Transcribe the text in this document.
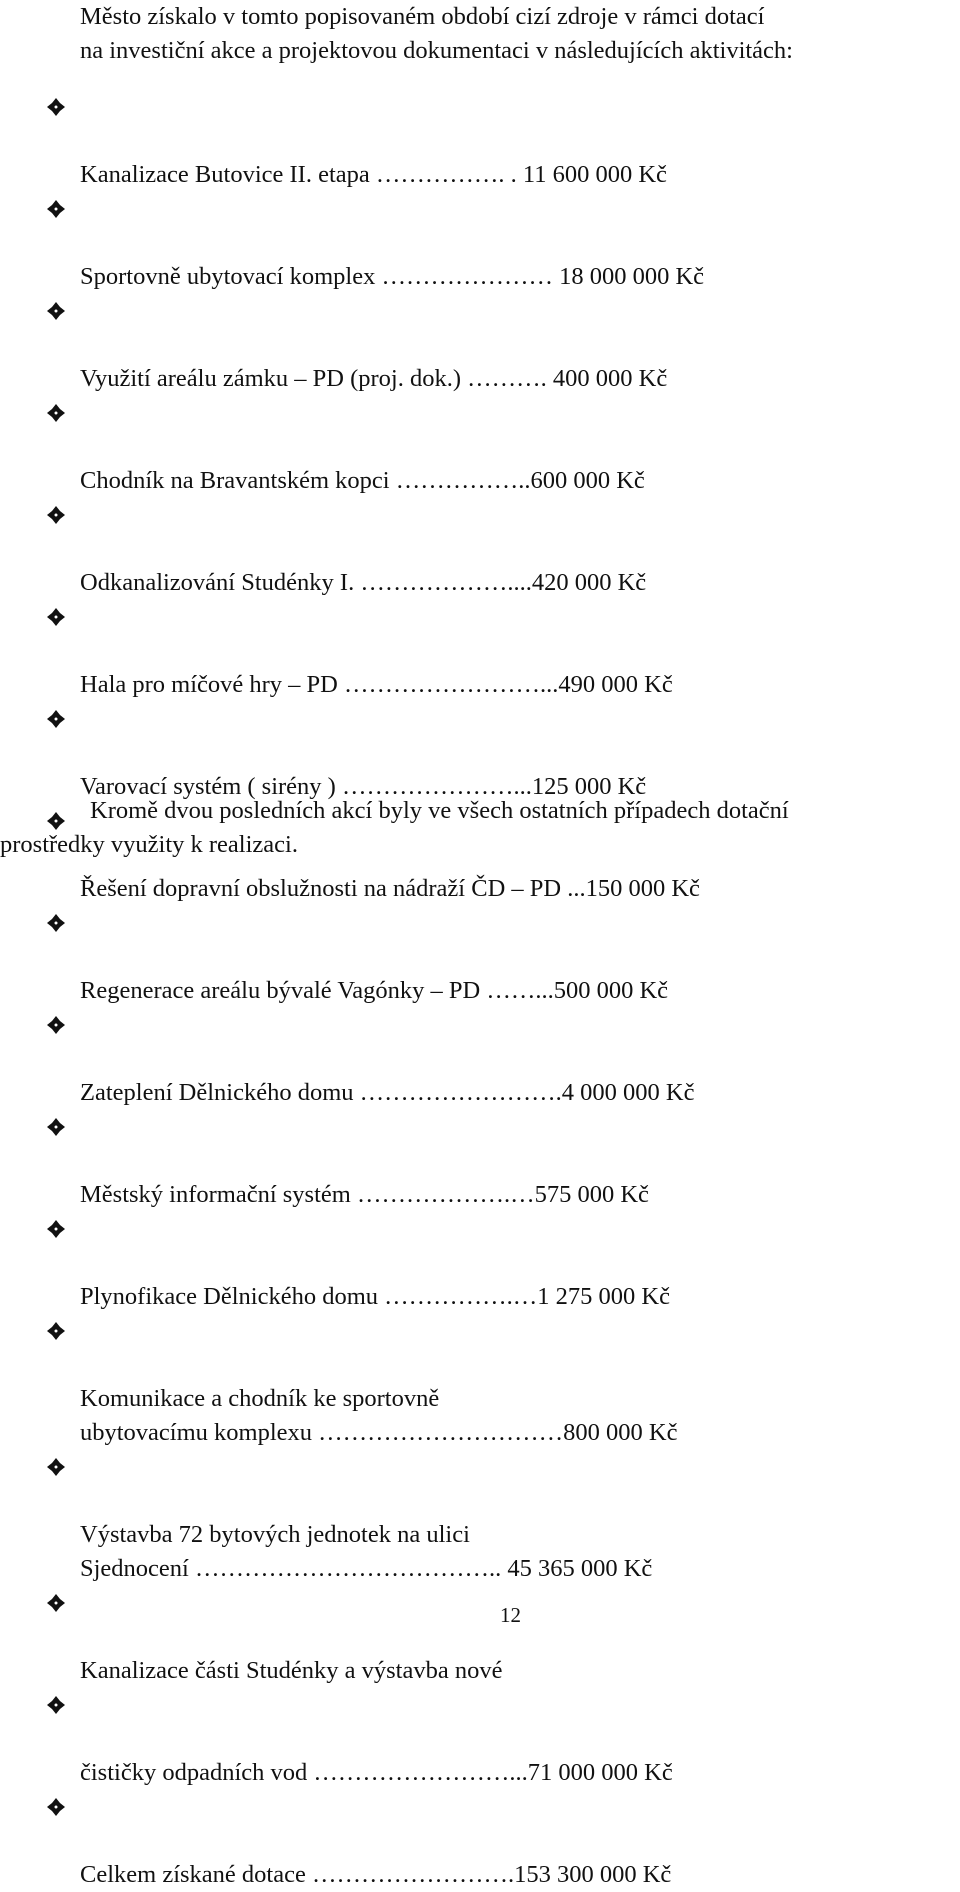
Město získalo v tomto popisovaném období cizí zdroje v rámci dotací
na investiční akce a projektovou dokumentaci v následujících aktivitách:

Kanalizace Butovice II. etapa ……………. . 11 600 000 Kč

Sportovně ubytovací komplex ………………… 18 000 000 Kč

Využití areálu zámku – PD (proj. dok.) ………. 400 000 Kč

Chodník na Bravantském kopci ……………..600 000 Kč

Odkanalizování Studénky I. ………………....420 000 Kč

Hala pro míčové hry – PD ……………………...490 000 Kč

Varovací systém ( sirény ) …………………...125 000 Kč

Řešení dopravní obslužnosti na nádraží ČD – PD ...150 000 Kč

Regenerace areálu bývalé Vagónky – PD ……...500 000 Kč

Zateplení Dělnického domu …………………….4 000 000 Kč

Městský informační systém ……………….…575 000 Kč

Plynofikace Dělnického domu …………….…1 275 000 Kč

Komunikace a chodník ke sportovně
ubytovacímu komplexu …………………………800 000 Kč

Výstavba 72 bytových jednotek na ulici
Sjednocení ……………………………….. 45 365 000 Kč

Kanalizace části Studénky a výstavba nové

čističky odpadních vod ……………………...71 000 000 Kč

Celkem získané dotace …………………….153 300 000 Kč

Kromě dvou posledních akcí byly ve všech ostatních případech dotační
prostředky využity k realizaci.
12
